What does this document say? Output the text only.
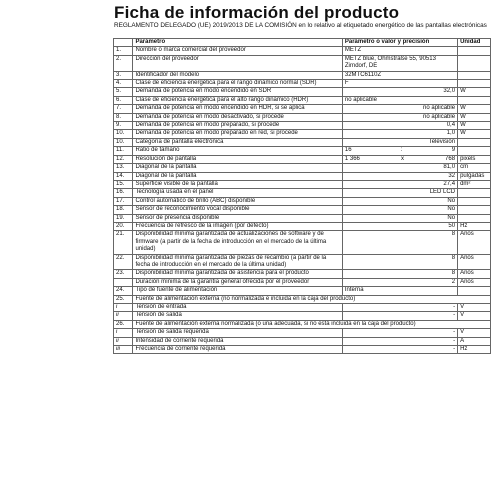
Ficha de información del producto
REGLAMENTO DELEGADO (UE) 2019/2013 DE LA COMISIÓN en lo relativo al etiquetado energético de las pantallas electrónicas
	Parámetro	Parámetro o valor y precisión	Unidad
1.	Nombre o marca comercial del proveedor	METZ	
2.	Dirección del proveedor	METZ blue, Ohmstraße 55, 90513 Zirndorf, DE	
3.	Identificador del modelo	32MTC6110Z	
4.	Clase de eficiencia energética para el rango dinámico normal (SDR)	F	
5.	Demanda de potencia en modo encendido en SDR	32,0	W
6.	Clase de eficiencia energética para el alto rango dinámico (HDR)	no aplicable	
7.	Demanda de potencia en modo encendido en HDR, si se aplica	no aplicable	W
8.	Demanda de potencia en modo desactivado, si procede	no aplicable	W
9.	Demanda de potencia en modo preparado, si procede	0,4	W
10.	Demanda de potencia en modo preparado en red, si procede	1,0	W
10.	Categoría de pantalla electrónica	Televisión	
11.	Ratio de tamaño	16 : 9	

12.	Resolución de pantalla	1 366 x 768	pixels
13.	Diagonal de la pantalla	81,0	cm
14.	Diagonal de la pantalla	32	pulgadas
15.	Superficie visible de la pantalla	27,4	dm²
16.	Tecnología usada en el panel	LED LCD	
17.	Control automático de brillo (ABC) disponible	No	
18.	Sensor de reconocimiento vocal disponible	No	
19.	Sensor de presencia disponible	No	
20.	Frecuencia de refresco de la imagen (por defecto)	50	Hz
21.	Disponibilidad mínima garantizada de actualizaciones de software y de firmware (a partir de la fecha de introducción en el mercado de la última unidad)	8	Años
22.	Disponibilidad mínima garantizada de piezas de recambio (a partir de la fecha de introducción en el mercado de la última unidad)	8	Años
23.	Disponibilidad mínima garantizada de asistencia para el producto	8	Años
	Duración mínima de la garantía general ofrecida por el proveedor	2	Años
24.	Tipo de fuente de alimentación	Interna	
25.	Fuente de alimentación externa (no normalizada e incluida en la caja del producto)		
i	Tensión de entrada	-	V
ii	Tensión de salida	-	V
26.	Fuente de alimentación externa normalizada (o una adecuada, si no está incluida en la caja del producto)		
i	Tensión de salida requerida	-	V
ii	Intensidad de corriente requerida	-	A
iii	Frecuencia de corriente requerida	-	Hz
